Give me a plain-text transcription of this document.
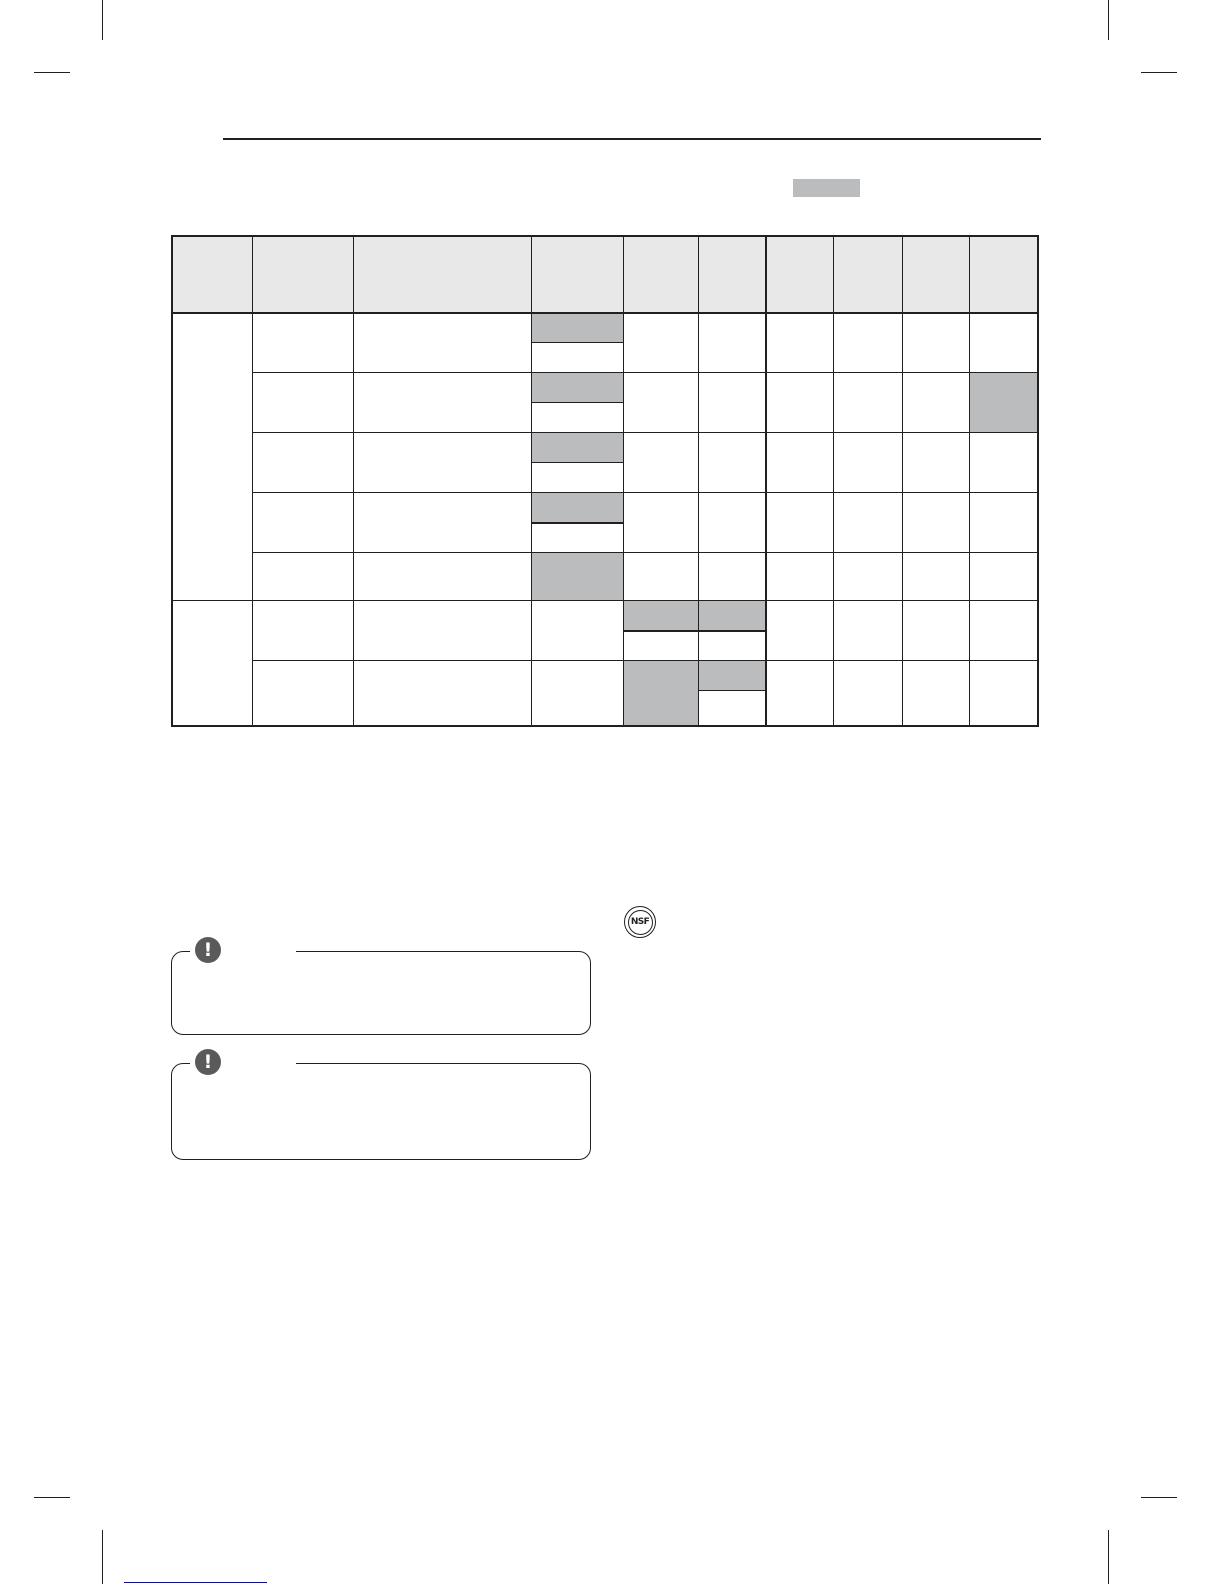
!
!
NSF
